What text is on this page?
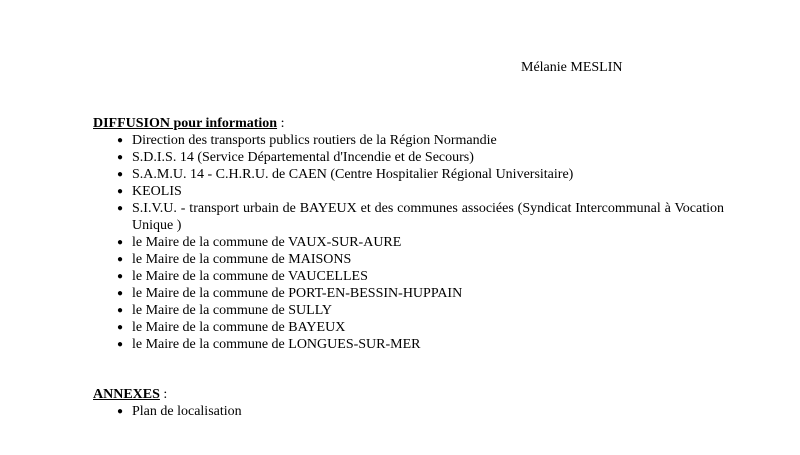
Mélanie MESLIN

DIFFUSION pour information :

● Direction des transports publics routiers de la Région Normandie
● S.D.I.S. 14 (Service Départemental d'Incendie et de Secours)
● S.A.M.U. 14 - C.H.R.U. de CAEN (Centre Hospitalier Régional Universitaire)
● KEOLIS
● S.I.V.U. - transport urbain de BAYEUX et des communes associées (Syndicat Intercommunal à Vocation Unique )
● le Maire de la commune de VAUX-SUR-AURE
● le Maire de la commune de MAISONS
● le Maire de la commune de VAUCELLES
● le Maire de la commune de PORT-EN-BESSIN-HUPPAIN
● le Maire de la commune de SULLY
● le Maire de la commune de BAYEUX
● le Maire de la commune de LONGUES-SUR-MER

ANNEXES :

● Plan de localisation
